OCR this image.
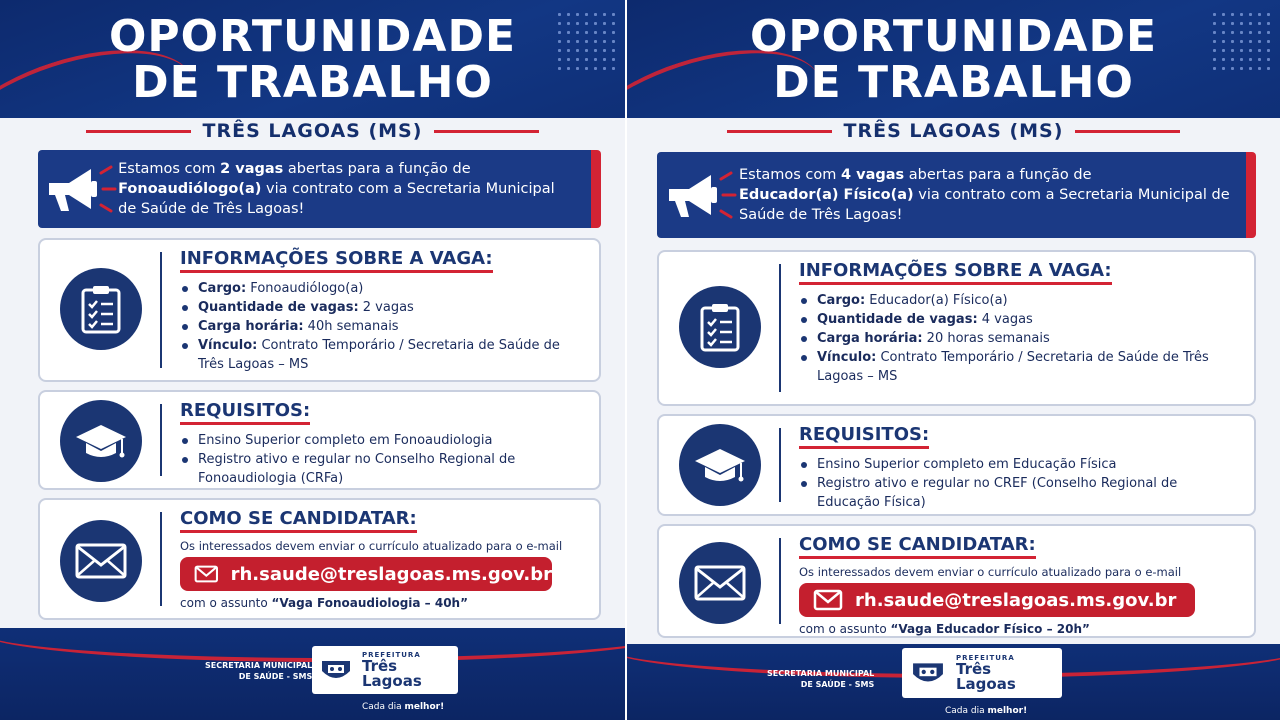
OPORTUNIDADE
DE TRABALHO
TRÊS LAGOAS (MS)
Estamos com 2 vagas abertas para a função de
Fonoaudiólogo(a) via contrato com a Secretaria Municipal de Saúde de Três Lagoas!
INFORMAÇÕES SOBRE A VAGA:
Cargo: Fonoaudiólogo(a)
Quantidade de vagas: 2 vagas
Carga horária: 40h semanais
Vínculo: Contrato Temporário / Secretaria de Saúde de Três Lagoas – MS
REQUISITOS:
Ensino Superior completo em Fonoaudiologia
Registro ativo e regular no Conselho Regional de Fonoaudiologia (CRFa)
COMO SE CANDIDATAR:
Os interessados devem enviar o currículo atualizado para o e-mail
rh.saude@treslagoas.ms.gov.br
com o assunto “Vaga Fonoaudiologia – 40h”
SECRETARIA MUNICIPAL
DE SAÚDE - SMS
PREFEITURA
Três
Lagoas
Cada dia melhor!
OPORTUNIDADE
DE TRABALHO
TRÊS LAGOAS (MS)
Estamos com 4 vagas abertas para a função de
Educador(a) Físico(a) via contrato com a Secretaria Municipal de Saúde de Três Lagoas!
INFORMAÇÕES SOBRE A VAGA:
Cargo: Educador(a) Físico(a)
Quantidade de vagas: 4 vagas
Carga horária: 20 horas semanais
Vínculo: Contrato Temporário / Secretaria de Saúde de Três Lagoas – MS
REQUISITOS:
Ensino Superior completo em Educação Física
Registro ativo e regular no CREF (Conselho Regional de Educação Física)
COMO SE CANDIDATAR:
Os interessados devem enviar o currículo atualizado para o e-mail
rh.saude@treslagoas.ms.gov.br
com o assunto “Vaga Educador Físico – 20h”
SECRETARIA MUNICIPAL
DE SAÚDE - SMS
PREFEITURA
Três
Lagoas
Cada dia melhor!
